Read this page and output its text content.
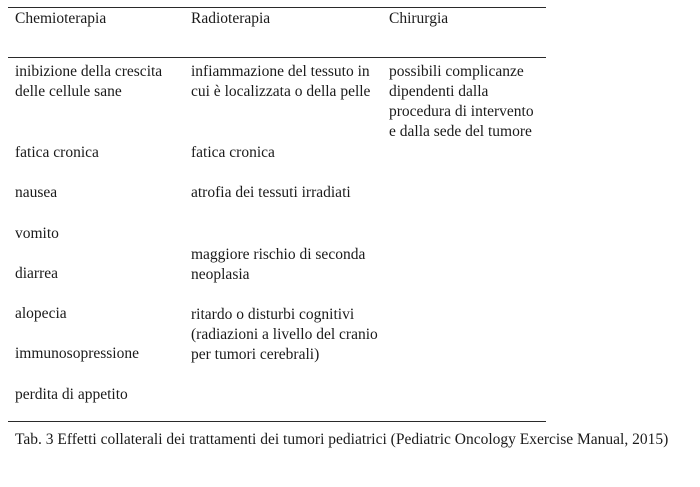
Chemioterapia	Radioterapia	Chirurgia
inibizione della crescita delle cellule sane
fatica cronica
nausea
vomito
diarrea
alopecia
immunosopressione
perdita di appetito
infiammazione del tessuto in cui è localizzata o della pelle
fatica cronica
atrofia dei tessuti irradiati
maggiore rischio di seconda neoplasia
ritardo o disturbi cognitivi (radiazioni a livello del cranio per tumori cerebrali)
possibili complicanze dipendenti dalla procedura di intervento e dalla sede del tumore
Tab. 3 Effetti collaterali dei trattamenti dei tumori pediatrici (Pediatric Oncology Exercise Manual, 2015)
